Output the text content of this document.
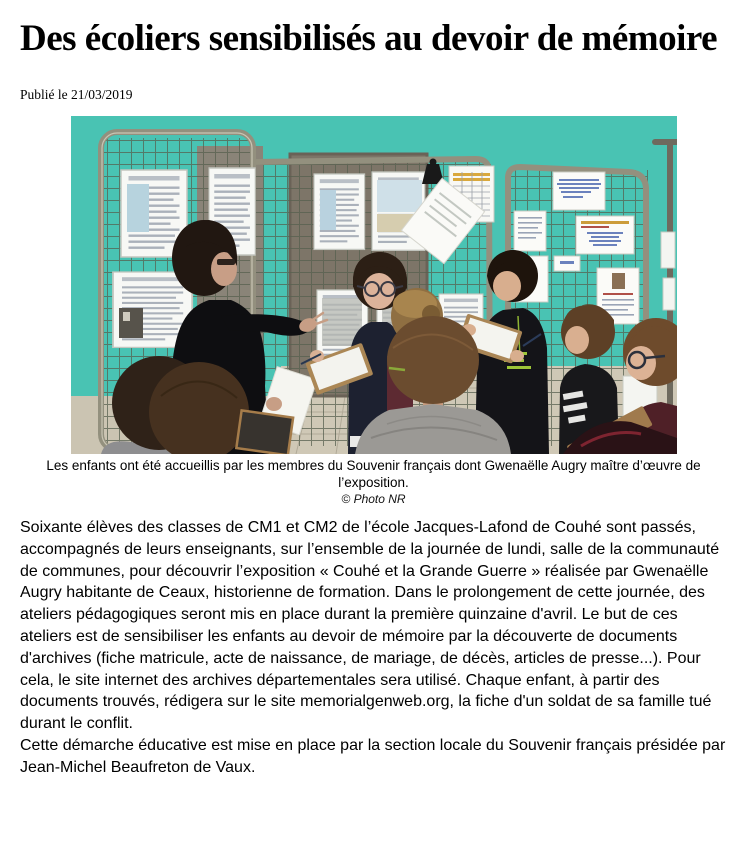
Des écoliers sensibilisés au devoir de mémoire
Publié le 21/03/2019
Les enfants ont été accueillis par les membres du Souvenir français dont Gwenaëlle Augry maître d’œuvre de l’exposition.
© Photo NR

Soixante élèves des classes de CM1 et CM2 de l’école Jacques-Lafond de Couhé sont passés, accompagnés de leurs enseignants, sur l’ensemble de la journée de lundi, salle de la communauté de communes, pour découvrir l’exposition « Couhé et la Grande Guerre » réalisée par Gwenaëlle Augry habitante de Ceaux, historienne de formation. Dans le prolongement de cette journée, des ateliers pédagogiques seront mis en place durant la première quinzaine d'avril. Le but de ces ateliers est de sensibiliser les enfants au devoir de mémoire par la découverte de documents d'archives (fiche matricule, acte de naissance, de mariage, de décès, articles de presse...). Pour cela, le site internet des archives départementales sera utilisé. Chaque enfant, à partir des documents trouvés, rédigera sur le site memorialgenweb.org, la fiche d'un soldat de sa famille tué durant le conflit.

Cette démarche éducative est mise en place par la section locale du Souvenir français présidée par Jean-Michel Beaufreton de Vaux.
